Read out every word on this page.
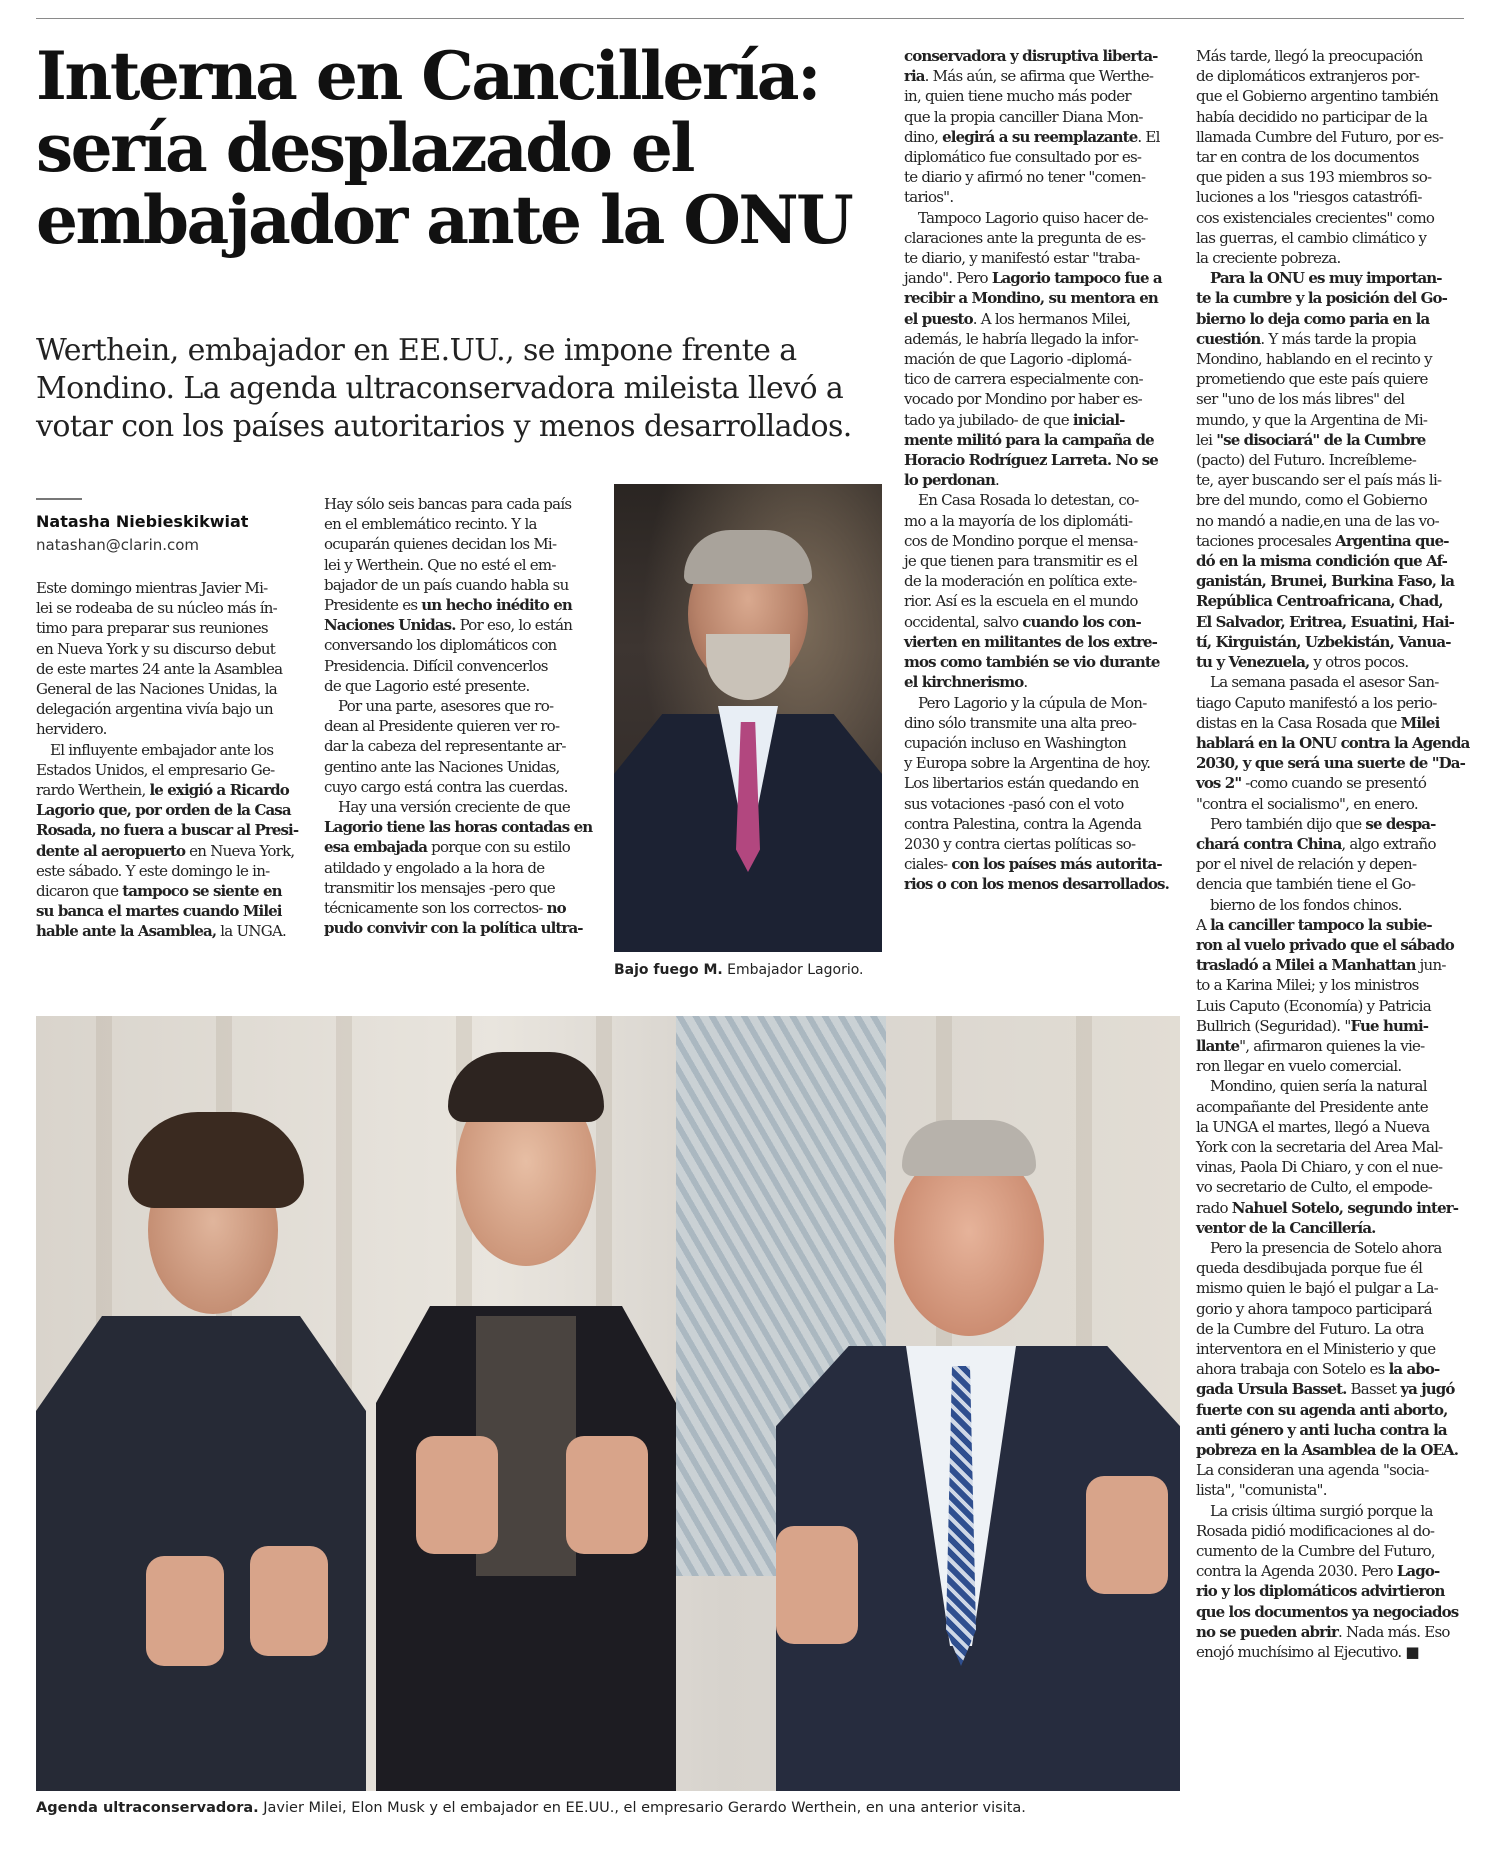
Interna en Cancillería:
sería desplazado el
embajador ante la ONU

Werthein, embajador en EE.UU., se impone frente a
Mondino. La agenda ultraconservadora mileista llevó a
votar con los países autoritarios y menos desarrollados.

Natasha Niebieskikwiat
natashan@clarin.com
Este domingo mientras Javier Mi-
lei se rodeaba de su núcleo más ín-
timo para preparar sus reuniones
en Nueva York y su discurso debut
de este martes 24 ante la Asamblea
General de las Naciones Unidas, la
delegación argentina vivía bajo un
hervidero.
El influyente embajador ante los
Estados Unidos, el empresario Ge-
rardo Werthein, le exigió a Ricardo
Lagorio que, por orden de la Casa
Rosada, no fuera a buscar al Presi-
dente al aeropuerto en Nueva York,
este sábado. Y este domingo le in-
dicaron que tampoco se siente en
su banca el martes cuando Milei
hable ante la Asamblea, la UNGA.
Hay sólo seis bancas para cada país
en el emblemático recinto. Y la
ocuparán quienes decidan los Mi-
lei y Werthein. Que no esté el em-
bajador de un país cuando habla su
Presidente es un hecho inédito en
Naciones Unidas. Por eso, lo están
conversando los diplomáticos con
Presidencia. Difícil convencerlos
de que Lagorio esté presente.
Por una parte, asesores que ro-
dean al Presidente quieren ver ro-
dar la cabeza del representante ar-
gentino ante las Naciones Unidas,
cuyo cargo está contra las cuerdas.
Hay una versión creciente de que
Lagorio tiene las horas contadas en
esa embajada porque con su estilo
atildado y engolado a la hora de
transmitir los mensajes -pero que
técnicamente son los correctos- no
pudo convivir con la política ultra-
conservadora y disruptiva liberta-
ria. Más aún, se afirma que Werthe-
in, quien tiene mucho más poder
que la propia canciller Diana Mon-
dino, elegirá a su reemplazante. El
diplomático fue consultado por es-
te diario y afirmó no tener "comen-
tarios".
Tampoco Lagorio quiso hacer de-
claraciones ante la pregunta de es-
te diario, y manifestó estar "traba-
jando". Pero Lagorio tampoco fue a
recibir a Mondino, su mentora en
el puesto. A los hermanos Milei,
además, le habría llegado la infor-
mación de que Lagorio -diplomá-
tico de carrera especialmente con-
vocado por Mondino por haber es-
tado ya jubilado- de que inicial-
mente militó para la campaña de
Horacio Rodríguez Larreta. No se
lo perdonan.
En Casa Rosada lo detestan, co-
mo a la mayoría de los diplomáti-
cos de Mondino porque el mensa-
je que tienen para transmitir es el
de la moderación en política exte-
rior. Así es la escuela en el mundo
occidental, salvo cuando los con-
vierten en militantes de los extre-
mos como también se vio durante
el kirchnerismo.
Pero Lagorio y la cúpula de Mon-
dino sólo transmite una alta preo-
cupación incluso en Washington
y Europa sobre la Argentina de hoy.
Los libertarios están quedando en
sus votaciones -pasó con el voto
contra Palestina, contra la Agenda
2030 y contra ciertas políticas so-
ciales- con los países más autorita-
rios o con los menos desarrollados.
Más tarde, llegó la preocupación
de diplomáticos extranjeros por-
que el Gobierno argentino también
había decidido no participar de la
llamada Cumbre del Futuro, por es-
tar en contra de los documentos
que piden a sus 193 miembros so-
luciones a los "riesgos catastrófi-
cos existenciales crecientes" como
las guerras, el cambio climático y
la creciente pobreza.
Para la ONU es muy importan-
te la cumbre y la posición del Go-
bierno lo deja como paria en la
cuestión. Y más tarde la propia
Mondino, hablando en el recinto y
prometiendo que este país quiere
ser "uno de los más libres" del
mundo, y que la Argentina de Mi-
lei "se disociará" de la Cumbre
(pacto) del Futuro. Increíbleme-
te, ayer buscando ser el país más li-
bre del mundo, como el Gobierno
no mandó a nadie,en una de las vo-
taciones procesales Argentina que-
dó en la misma condición que Af-
ganistán, Brunei, Burkina Faso, la
República Centroafricana, Chad,
El Salvador, Eritrea, Esuatini, Hai-
tí, Kirguistán, Uzbekistán, Vanua-
tu y Venezuela, y otros pocos.
La semana pasada el asesor San-
tiago Caputo manifestó a los perio-
distas en la Casa Rosada que Milei
hablará en la ONU contra la Agenda
2030, y que será una suerte de "Da-
vos 2" -como cuando se presentó
"contra el socialismo", en enero.
Pero también dijo que se despa-
chará contra China, algo extraño
por el nivel de relación y depen-
dencia que también tiene el Go-
bierno de los fondos chinos.
A la canciller tampoco la subie-
ron al vuelo privado que el sábado
trasladó a Milei a Manhattan jun-
to a Karina Milei; y los ministros
Luis Caputo (Economía) y Patricia
Bullrich (Seguridad). "Fue humi-
llante", afirmaron quienes la vie-
ron llegar en vuelo comercial.
Mondino, quien sería la natural
acompañante del Presidente ante
la UNGA el martes, llegó a Nueva
York con la secretaria del Area Mal-
vinas, Paola Di Chiaro, y con el nue-
vo secretario de Culto, el empode-
rado Nahuel Sotelo, segundo inter-
ventor de la Cancillería.
Pero la presencia de Sotelo ahora
queda desdibujada porque fue él
mismo quien le bajó el pulgar a La-
gorio y ahora tampoco participará
de la Cumbre del Futuro. La otra
interventora en el Ministerio y que
ahora trabaja con Sotelo es la abo-
gada Ursula Basset. Basset ya jugó
fuerte con su agenda anti aborto,
anti género y anti lucha contra la
pobreza en la Asamblea de la OEA.
La consideran una agenda "socia-
lista", "comunista".
La crisis última surgió porque la
Rosada pidió modificaciones al do-
cumento de la Cumbre del Futuro,
contra la Agenda 2030. Pero Lago-
rio y los diplomáticos advirtieron
que los documentos ya negociados
no se pueden abrir. Nada más. Eso
enojó muchísimo al Ejecutivo. ■
Bajo fuego M. Embajador Lagorio.
Agenda ultraconservadora. Javier Milei, Elon Musk y el embajador en EE.UU., el empresario Gerardo Werthein, en una anterior visita.
